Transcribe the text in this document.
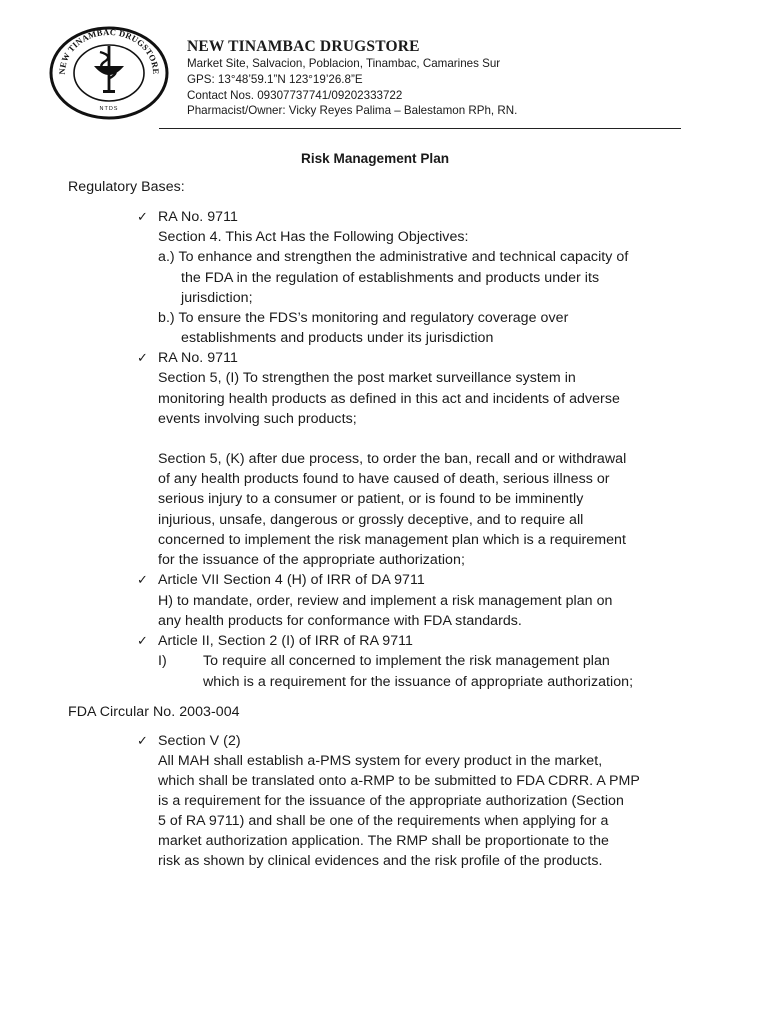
NEW TINAMBAC DRUGSTORE
NTDS
NEW TINAMBAC DRUGSTORE
Market Site, Salvacion, Poblacion, Tinambac, Camarines Sur
GPS: 13°48’59.1”N 123°19’26.8”E
Contact Nos. 09307737741/09202333722
Pharmacist/Owner: Vicky Reyes Palima – Balestamon RPh, RN.
Risk Management Plan
Regulatory Bases:
✓ RA No. 9711
Section 4. This Act Has the Following Objectives:
a.) To enhance and strengthen the administrative and technical capacity of
the FDA in the regulation of establishments and products under its
jurisdiction;
b.) To ensure the FDS’s monitoring and regulatory coverage over
establishments and products under its jurisdiction
✓ RA No. 9711
Section 5, (I) To strengthen the post market surveillance system in
monitoring health products as defined in this act and incidents of adverse
events involving such products;
Section 5, (K) after due process, to order the ban, recall and or withdrawal
of any health products found to have caused of death, serious illness or
serious injury to a consumer or patient, or is found to be imminently
injurious, unsafe, dangerous or grossly deceptive, and to require all
concerned to implement the risk management plan which is a requirement
for the issuance of the appropriate authorization;
✓ Article VII Section 4 (H) of IRR of DA 9711
H) to mandate, order, review and implement a risk management plan on
any health products for conformance with FDA standards.
✓ Article II, Section 2 (I) of IRR of RA 9711
I)	To require all concerned to implement the risk management plan
which is a requirement for the issuance of appropriate authorization;
FDA Circular No. 2003-004
✓ Section V (2)
All MAH shall establish a-PMS system for every product in the market,
which shall be translated onto a-RMP to be submitted to FDA CDRR. A PMP
is a requirement for the issuance of the appropriate authorization (Section
5 of RA 9711) and shall be one of the requirements when applying for a
market authorization application. The RMP shall be proportionate to the
risk as shown by clinical evidences and the risk profile of the products.
